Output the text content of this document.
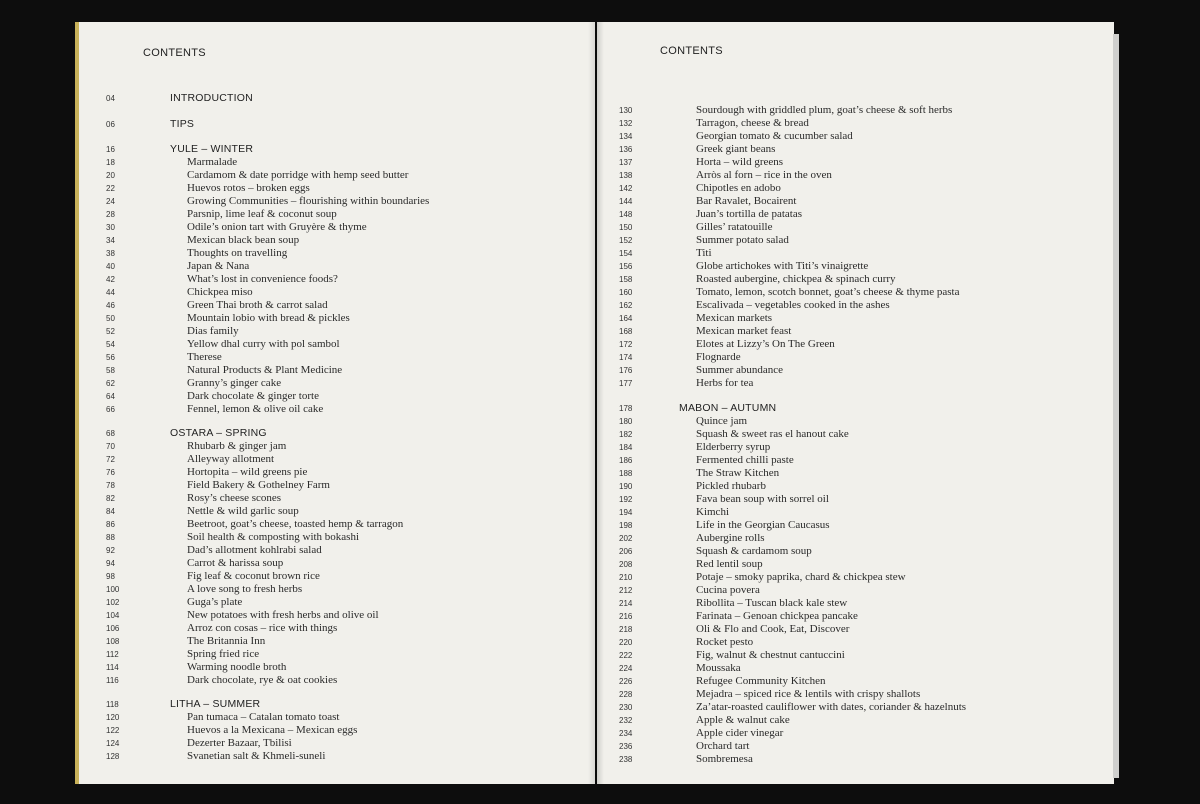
CONTENTS
04	INTRODUCTION
06	TIPS
16	YULE – WINTER
18	Marmalade
20	Cardamom & date porridge with hemp seed butter
22	Huevos rotos – broken eggs
24	Growing Communities – flourishing within boundaries
28	Parsnip, lime leaf & coconut soup
30	Odile’s onion tart with Gruyère & thyme
34	Mexican black bean soup
38	Thoughts on travelling
40	Japan & Nana
42	What’s lost in convenience foods?
44	Chickpea miso
46	Green Thai broth & carrot salad
50	Mountain lobio with bread & pickles
52	Dias family
54	Yellow dhal curry with pol sambol
56	Therese
58	Natural Products & Plant Medicine
62	Granny’s ginger cake
64	Dark chocolate & ginger torte
66	Fennel, lemon & olive oil cake
68	OSTARA – SPRING
70	Rhubarb & ginger jam
72	Alleyway allotment
76	Hortopita – wild greens pie
78	Field Bakery & Gothelney Farm
82	Rosy’s cheese scones
84	Nettle & wild garlic soup
86	Beetroot, goat’s cheese, toasted hemp & tarragon
88	Soil health & composting with bokashi
92	Dad’s allotment kohlrabi salad
94	Carrot & harissa soup
98	Fig leaf & coconut brown rice
100	A love song to fresh herbs
102	Guga’s plate
104	New potatoes with fresh herbs and olive oil
106	Arroz con cosas – rice with things
108	The Britannia Inn
112	Spring fried rice
114	Warming noodle broth
116	Dark chocolate, rye & oat cookies
118	LITHA – SUMMER
120	Pan tumaca – Catalan tomato toast
122	Huevos a la Mexicana – Mexican eggs
124	Dezerter Bazaar, Tbilisi
128	Svanetian salt & Khmeli-suneli
CONTENTS
130	Sourdough with griddled plum, goat’s cheese & soft herbs
132	Tarragon, cheese & bread
134	Georgian tomato & cucumber salad
136	Greek giant beans
137	Horta – wild greens
138	Arròs al forn – rice in the oven
142	Chipotles en adobo
144	Bar Ravalet, Bocairent
148	Juan’s tortilla de patatas
150	Gilles’ ratatouille
152	Summer potato salad
154	Titi
156	Globe artichokes with Titi’s vinaigrette
158	Roasted aubergine, chickpea & spinach curry
160	Tomato, lemon, scotch bonnet, goat’s cheese & thyme pasta
162	Escalivada – vegetables cooked in the ashes
164	Mexican markets
168	Mexican market feast
172	Elotes at Lizzy’s On The Green
174	Flognarde
176	Summer abundance
177	Herbs for tea
178	MABON – AUTUMN
180	Quince jam
182	Squash & sweet ras el hanout cake
184	Elderberry syrup
186	Fermented chilli paste
188	The Straw Kitchen
190	Pickled rhubarb
192	Fava bean soup with sorrel oil
194	Kimchi
198	Life in the Georgian Caucasus
202	Aubergine rolls
206	Squash & cardamom soup
208	Red lentil soup
210	Potaje – smoky paprika, chard & chickpea stew
212	Cucina povera
214	Ribollita – Tuscan black kale stew
216	Farinata – Genoan chickpea pancake
218	Oli & Flo and Cook, Eat, Discover
220	Rocket pesto
222	Fig, walnut & chestnut cantuccini
224	Moussaka
226	Refugee Community Kitchen
228	Mejadra – spiced rice & lentils with crispy shallots
230	Za’atar-roasted cauliflower with dates, coriander & hazelnuts
232	Apple & walnut cake
234	Apple cider vinegar
236	Orchard tart
238	Sombremesa
